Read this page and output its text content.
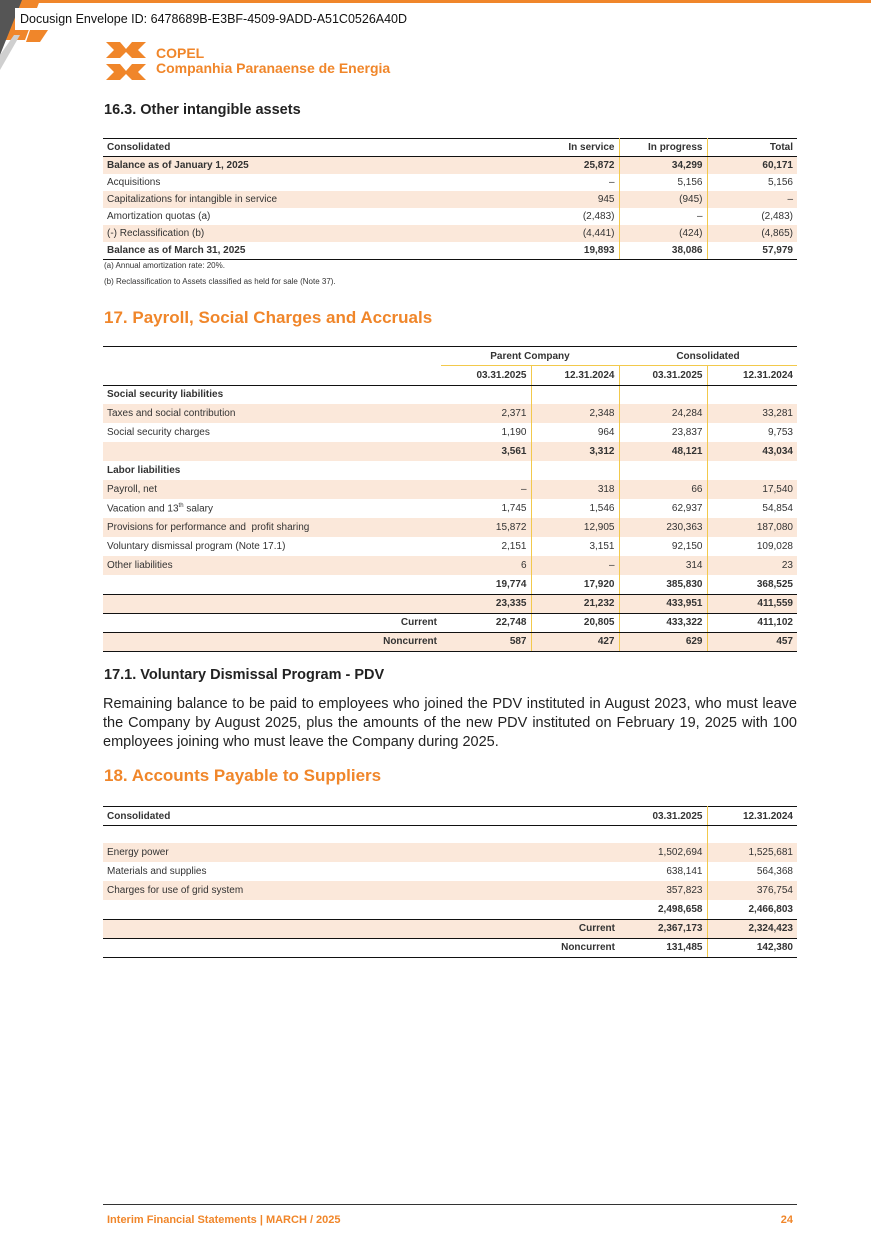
Docusign Envelope ID: 6478689B-E3BF-4509-9ADD-A51C0526A40D
COPEL
Companhia Paranaense de Energia
16.3. Other intangible assets
Consolidated	In service	In progress	Total
Balance as of January 1, 2025	25,872	34,299	60,171
Acquisitions	–	5,156	5,156
Capitalizations for intangible in service	945	(945)	–
Amortization quotas (a)	(2,483)	–	(2,483)
(-) Reclassification (b)	(4,441)	(424)	(4,865)
Balance as of March 31, 2025	19,893	38,086	57,979
(a) Annual amortization rate: 20%.
(b) Reclassification to Assets classified as held for sale (Note 37).
17. Payroll, Social Charges and Accruals
	Parent Company		Consolidated	
	03.31.2025	12.31.2024	03.31.2025	12.31.2024
Social security liabilities				
Taxes and social contribution	2,371	2,348	24,284	33,281
Social security charges	1,190	964	23,837	9,753
	3,561	3,312	48,121	43,034
Labor liabilities				
Payroll, net	–	318	66	17,540
Vacation and 13th salary	1,745	1,546	62,937	54,854
Provisions for performance and  profit sharing	15,872	12,905	230,363	187,080
Voluntary dismissal program (Note 17.1)	2,151	3,151	92,150	109,028
Other liabilities	6	–	314	23
	19,774	17,920	385,830	368,525
	23,335	21,232	433,951	411,559
Current	22,748	20,805	433,322	411,102
Noncurrent	587	427	629	457
17.1. Voluntary Dismissal Program - PDV
Remaining balance to be paid to employees who joined the PDV instituted in August 2023, who must leave the Company by August 2025, plus the amounts of the new PDV instituted on February 19, 2025 with 100 employees joining who must leave the Company during 2025.
18. Accounts Payable to Suppliers
Consolidated	03.31.2025	12.31.2024

Energy power	1,502,694	1,525,681
Materials and supplies	638,141	564,368
Charges for use of grid system	357,823	376,754
	2,498,658	2,466,803
Current	2,367,173	2,324,423
Noncurrent	131,485	142,380
Interim Financial Statements | MARCH / 2025	24
